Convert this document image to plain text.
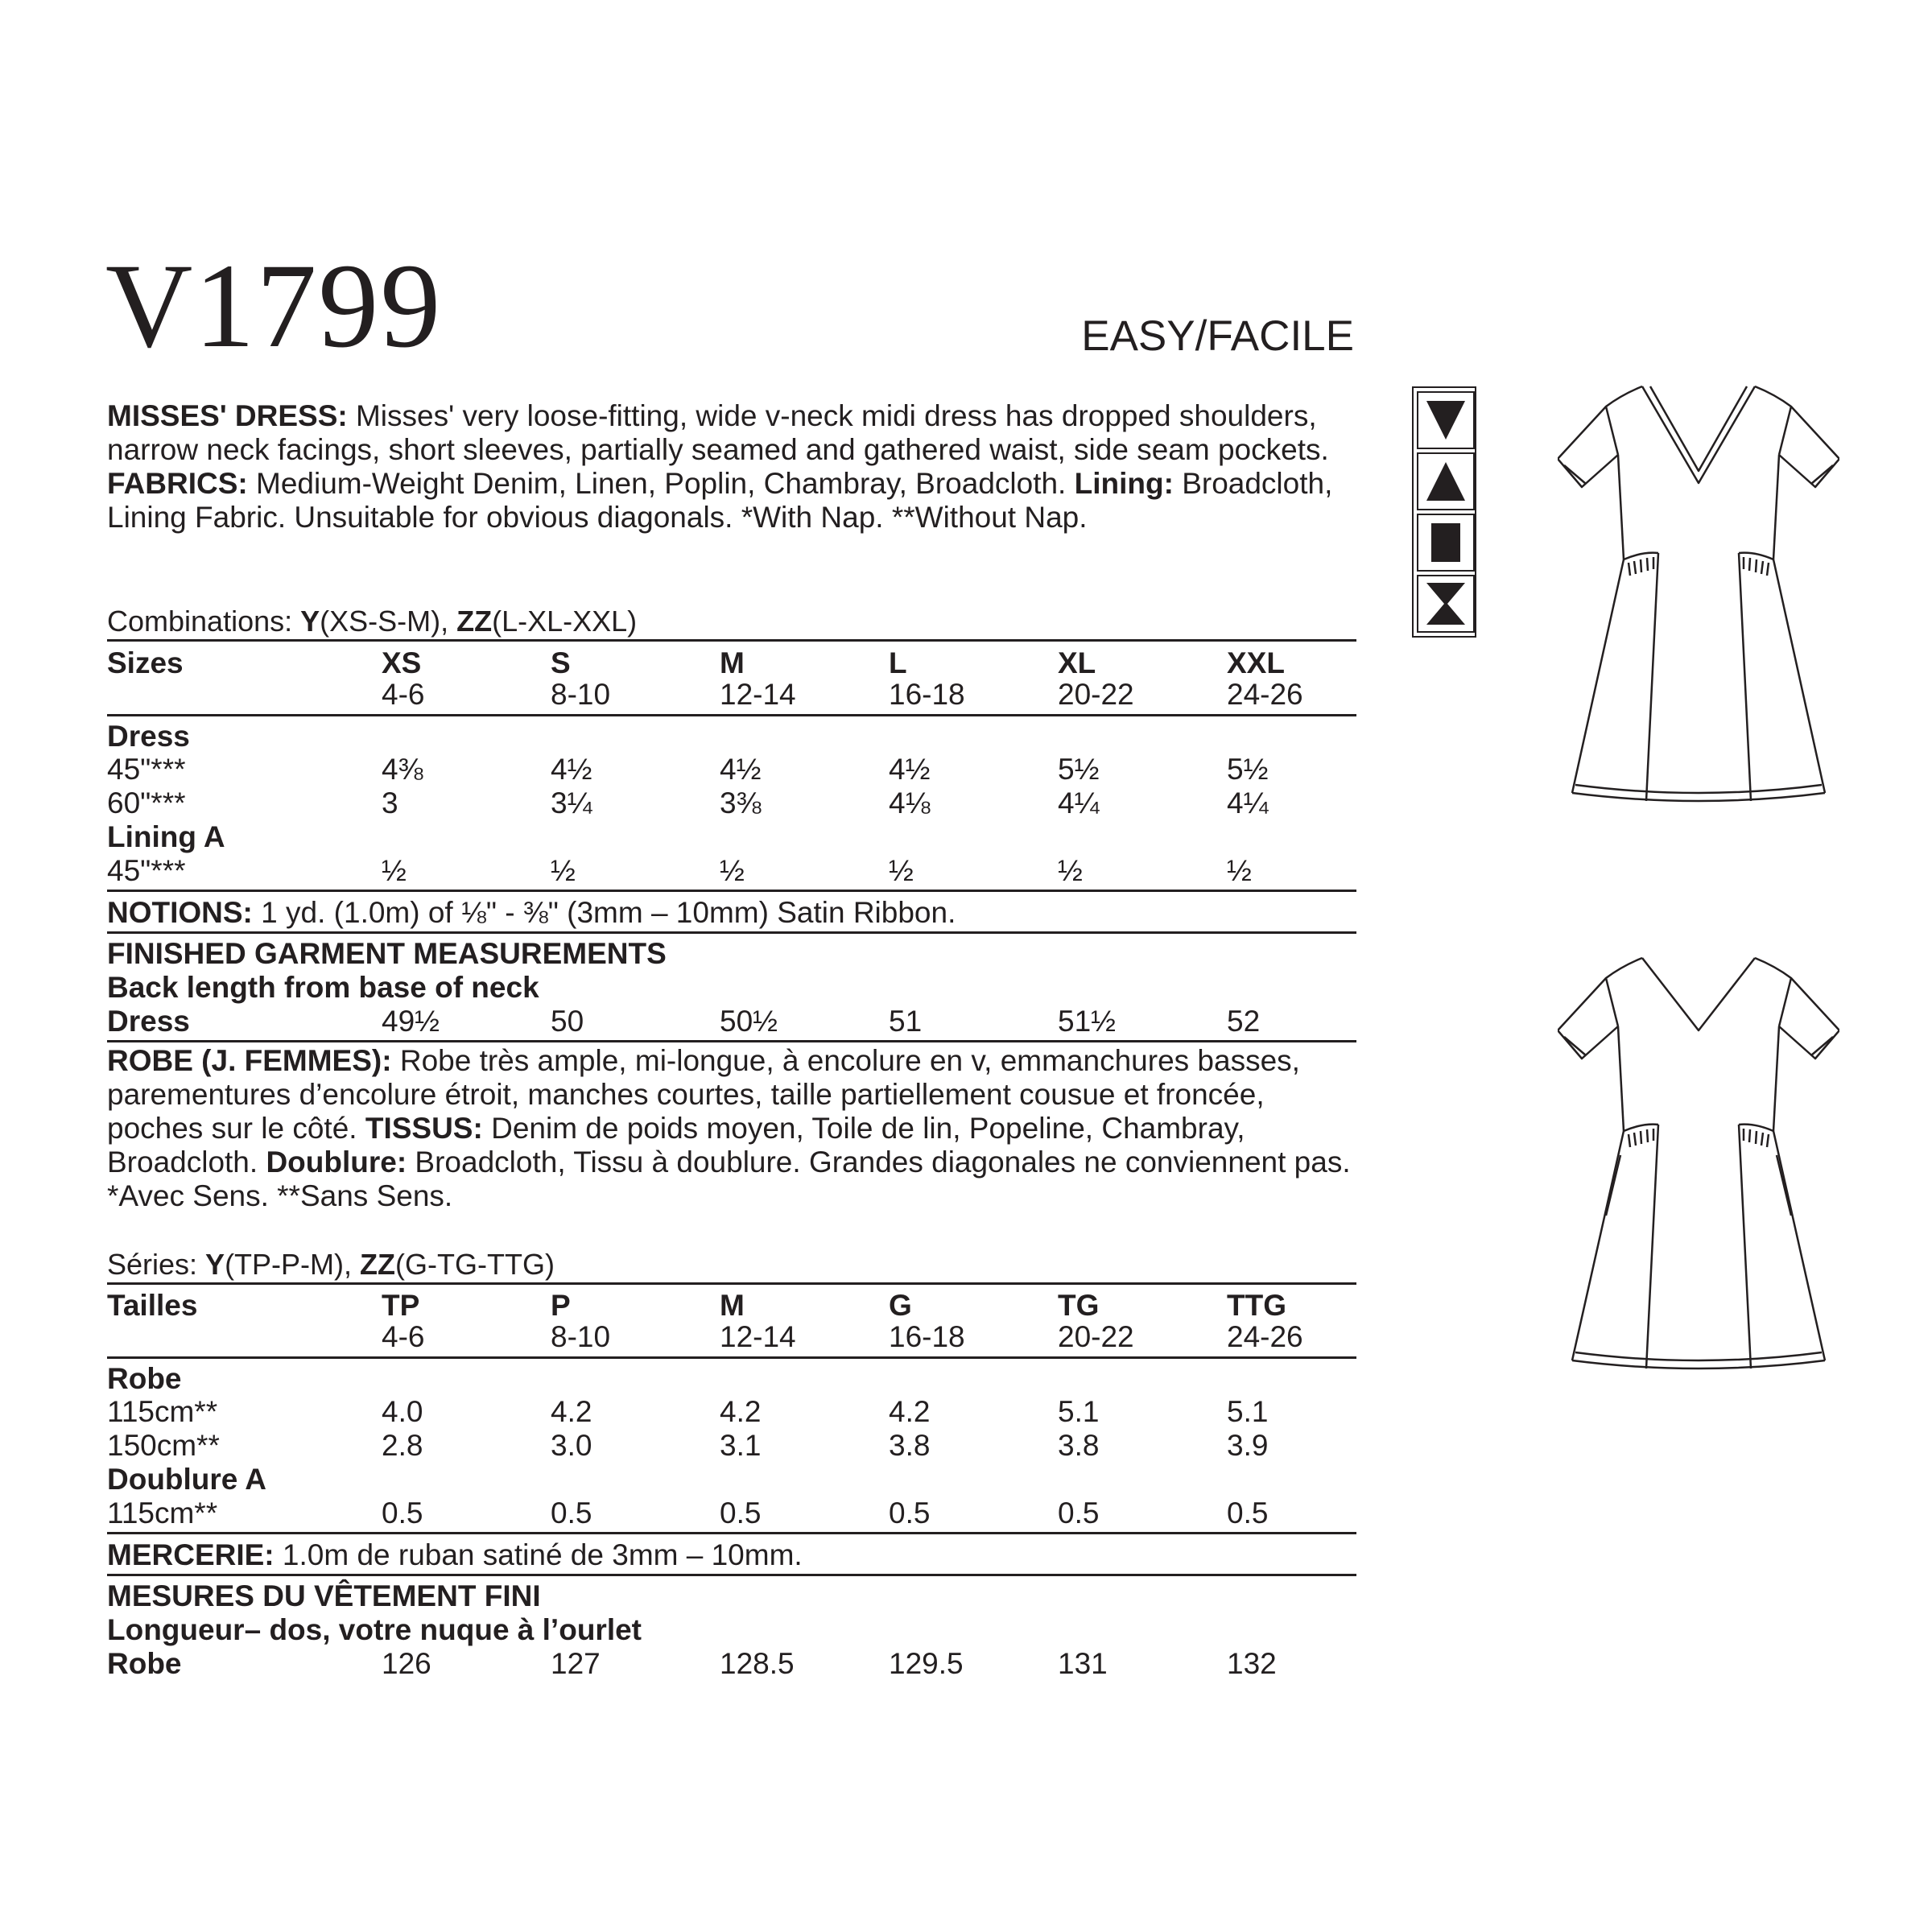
V1799	EASY/FACILE
MISSES' DRESS: Misses' very loose-fitting, wide v-neck midi dress has dropped shoulders, narrow neck facings, short sleeves, partially seamed and gathered waist, side seam pockets. FABRICS: Medium-Weight Denim, Linen, Poplin, Chambray, Broadcloth. Lining: Broadcloth, Lining Fabric. Unsuitable for obvious diagonals. *With Nap. **Without Nap.
Combinations: Y(XS-S-M), ZZ(L-XL-XXL)
Sizes	XS	S	M	L	XL	XXL
4-6	8-10	12-14	16-18	20-22	24-26
Dress
45"***	4⅜	4½	4½	4½	5½	5½
60"***	3	3¼	3⅜	4⅛	4¼	4¼
Lining A
45"***	½	½	½	½	½	½
NOTIONS: 1 yd. (1.0m) of ⅛" - ⅜" (3mm – 10mm) Satin Ribbon.
FINISHED GARMENT MEASUREMENTS
Back length from base of neck
Dress	49½	50	50½	51	51½	52
ROBE (J. FEMMES): Robe très ample, mi-longue, à encolure en v, emmanchures basses, parementures d’encolure étroit, manches courtes, taille partiellement cousue et froncée, poches sur le côté. TISSUS: Denim de poids moyen, Toile de lin, Popeline, Chambray, Broadcloth. Doublure: Broadcloth, Tissu à doublure. Grandes diagonales ne conviennent pas. *Avec Sens. **Sans Sens.
Séries: Y(TP-P-M), ZZ(G-TG-TTG)
Tailles	TP	P	M	G	TG	TTG
4-6	8-10	12-14	16-18	20-22	24-26
Robe
115cm**	4.0	4.2	4.2	4.2	5.1	5.1
150cm**	2.8	3.0	3.1	3.8	3.8	3.9
Doublure A
115cm**	0.5	0.5	0.5	0.5	0.5	0.5
MERCERIE: 1.0m de ruban satiné de 3mm – 10mm.
MESURES DU VÊTEMENT FINI
Longueur– dos, votre nuque à l’ourlet
Robe	126	127	128.5	129.5	131	132
